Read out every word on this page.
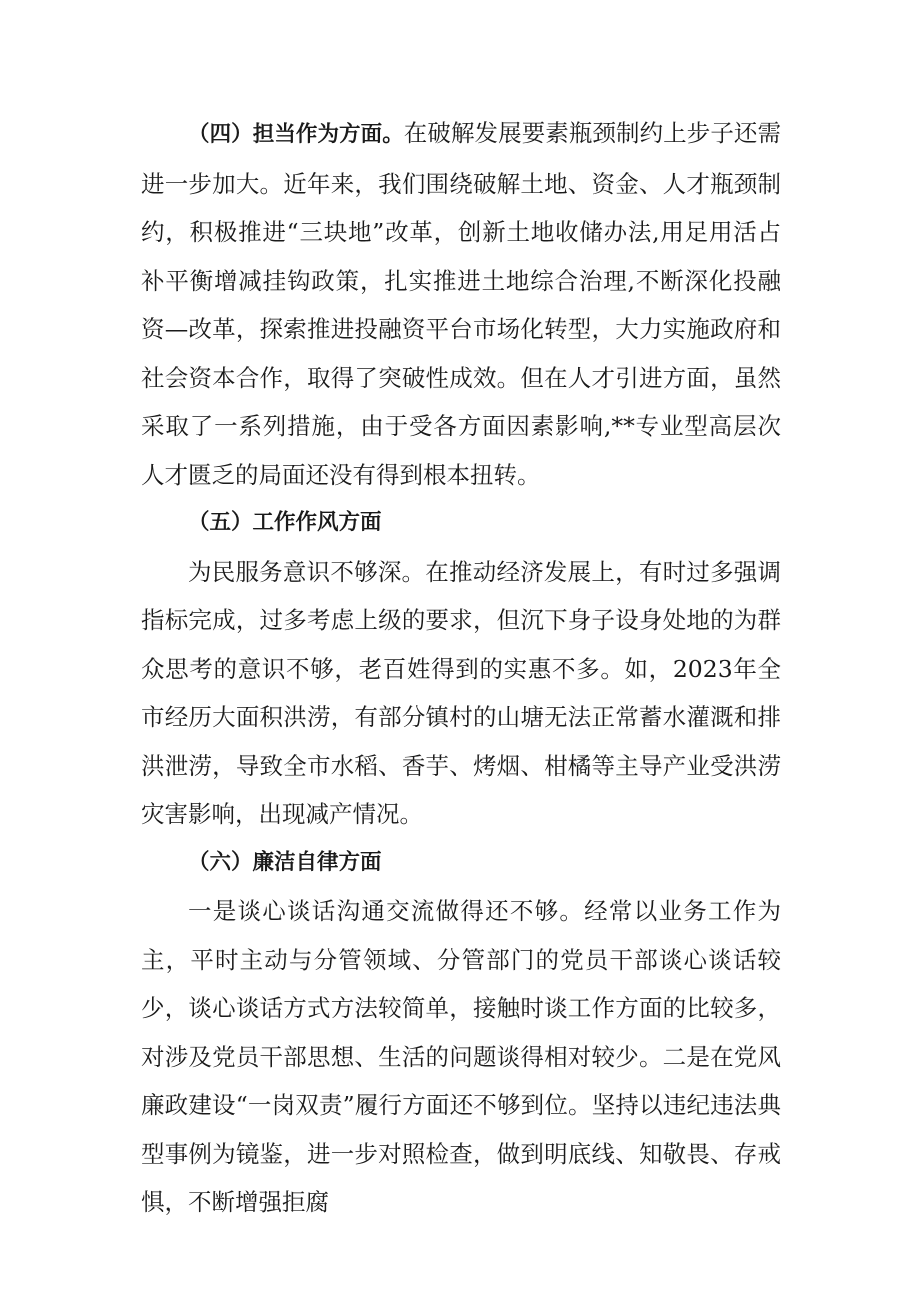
（四）担当作为方面。在破解发展要素瓶颈制约上步子还需进一步加大。近年来，我们围绕破解土地、资金、人才瓶颈制约，积极推进“三块地”改革，创新土地收储办法,用足用活占补平衡增减挂钩政策，扎实推进土地综合治理,不断深化投融资—改革，探索推进投融资平台市场化转型，大力实施政府和社会资本合作，取得了突破性成效。但在人才引进方面，虽然采取了一系列措施，由于受各方面因素影响,**专业型高层次人才匮乏的局面还没有得到根本扭转。

（五）工作作风方面

为民服务意识不够深。在推动经济发展上，有时过多强调指标完成，过多考虑上级的要求，但沉下身子设身处地的为群众思考的意识不够，老百姓得到的实惠不多。如，2023年全市经历大面积洪涝，有部分镇村的山塘无法正常蓄水灌溉和排洪泄涝，导致全市水稻、香芋、烤烟、柑橘等主导产业受洪涝灾害影响，出现减产情况。

（六）廉洁自律方面

一是谈心谈话沟通交流做得还不够。经常以业务工作为主，平时主动与分管领域、分管部门的党员干部谈心谈话较少，谈心谈话方式方法较简单，接触时谈工作方面的比较多，对涉及党员干部思想、生活的问题谈得相对较少。二是在党风廉政建设“一岗双责”履行方面还不够到位。坚持以违纪违法典型事例为镜鉴，进一步对照检查，做到明底线、知敬畏、存戒惧，不断增强拒腐
